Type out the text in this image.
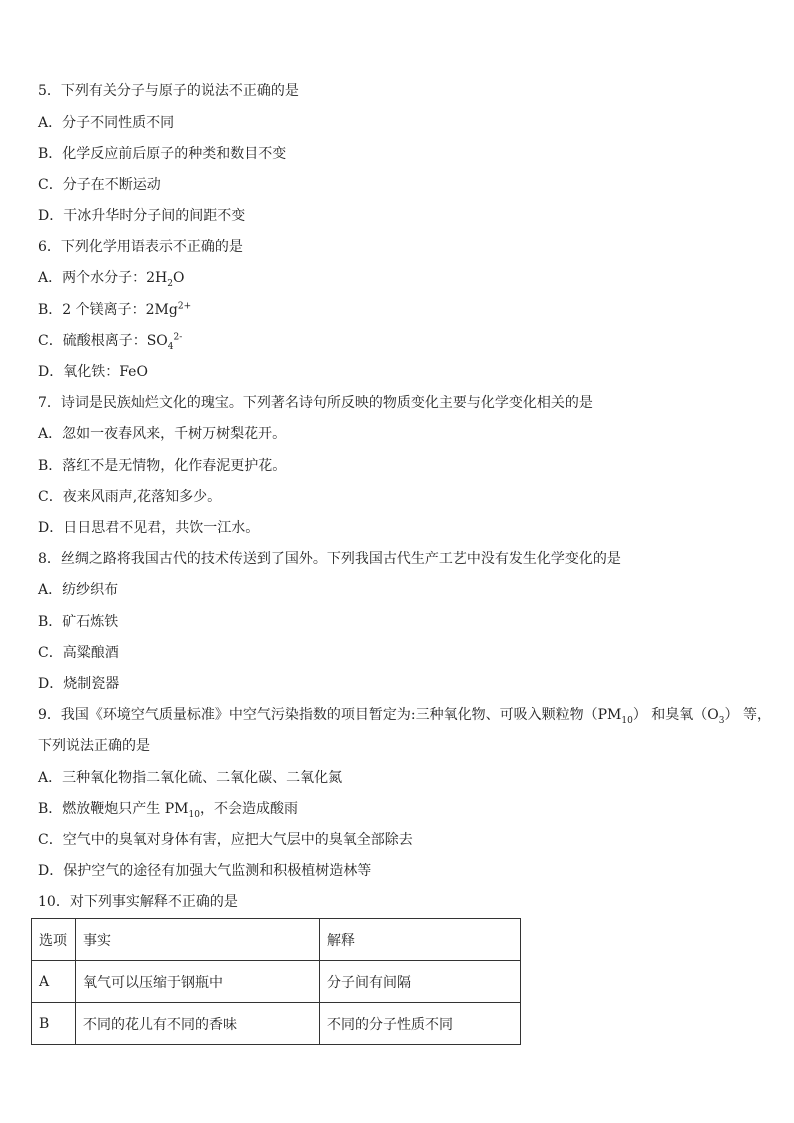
5．下列有关分子与原子的说法不正确的是
A．分子不同性质不同
B．化学反应前后原子的种类和数目不变
C．分子在不断运动
D．干冰升华时分子间的间距不变
6．下列化学用语表示不正确的是
A．两个水分子：$2H_2O$
B．2 个镁离子：$2Mg^{2+}$
C．硫酸根离子：$SO_4^{2-}$
D．氧化铁：FeO
7．诗词是民族灿烂文化的瑰宝。下列著名诗句所反映的物质变化主要与化学变化相关的是
A．忽如一夜春风来，千树万树梨花开。
B．落红不是无情物，化作春泥更护花。
C．夜来风雨声,花落知多少。
D．日日思君不见君，共饮一江水。
8．丝绸之路将我国古代的技术传送到了国外。下列我国古代生产工艺中没有发生化学变化的是
A．纺纱织布
B．矿石炼铁
C．高粱酿酒
D．烧制瓷器
9．我国《环境空气质量标准》中空气污染指数的项目暂定为:三种氧化物、可吸入颗粒物$(PM_{10})$ 和臭氧$(O_3)$ 等，
下列说法正确的是
A．三种氧化物指二氧化硫、二氧化碳、二氧化氮
B．燃放鞭炮只产生 $PM_{10}$，不会造成酸雨
C．空气中的臭氧对身体有害，应把大气层中的臭氧全部除去
D．保护空气的途径有加强大气监测和积极植树造林等
10．对下列事实解释不正确的是
选项	事实	解释
A	氧气可以压缩于钢瓶中	分子间有间隔
B	不同的花儿有不同的香味	不同的分子性质不同
